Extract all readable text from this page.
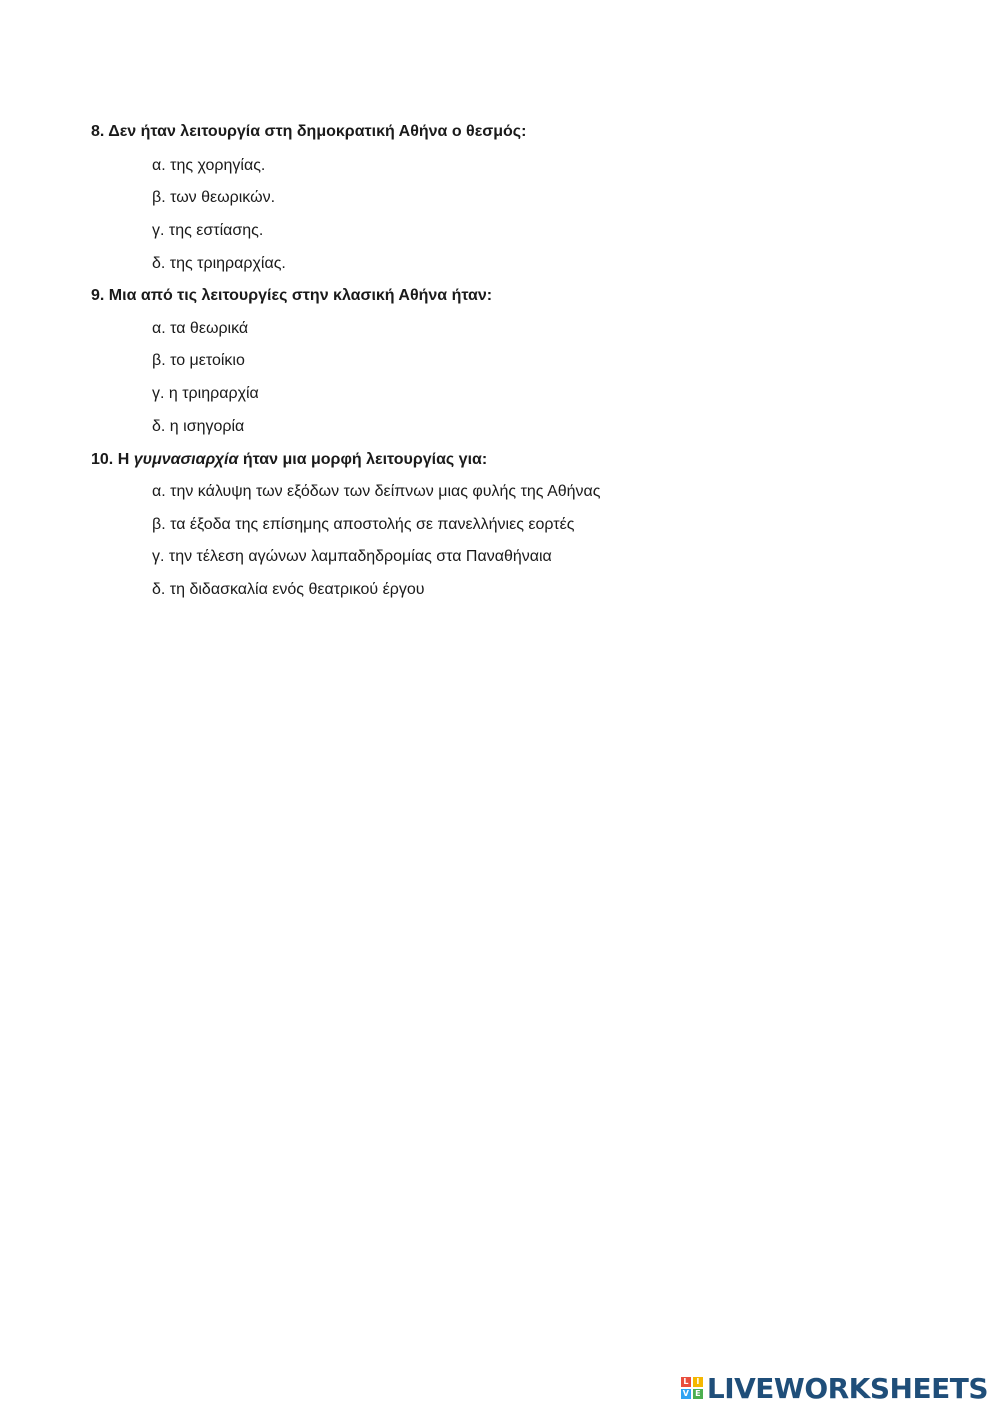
8. Δεν ήταν λειτουργία στη δημοκρατική Αθήνα ο θεσμός:
α. της χορηγίας.
β. των θεωρικών.
γ. της εστίασης.
δ. της τριηραρχίας.
9. Μια από τις λειτουργίες στην κλασική Αθήνα ήταν:
α. τα θεωρικά
β. το μετοίκιο
γ. η τριηραρχία
δ. η ισηγορία
10. Η γυμνασιαρχία ήταν μια μορφή λειτουργίας για:
α. την κάλυψη των εξόδων των δείπνων μιας φυλής της Αθήνας
β. τα έξοδα της επίσημης αποστολής σε πανελλήνιες εορτές
γ. την τέλεση αγώνων λαμπαδηδρομίας στα Παναθήναια
δ. τη διδασκαλία ενός θεατρικού έργου
L I
V E LIVEWORKSHEETS
